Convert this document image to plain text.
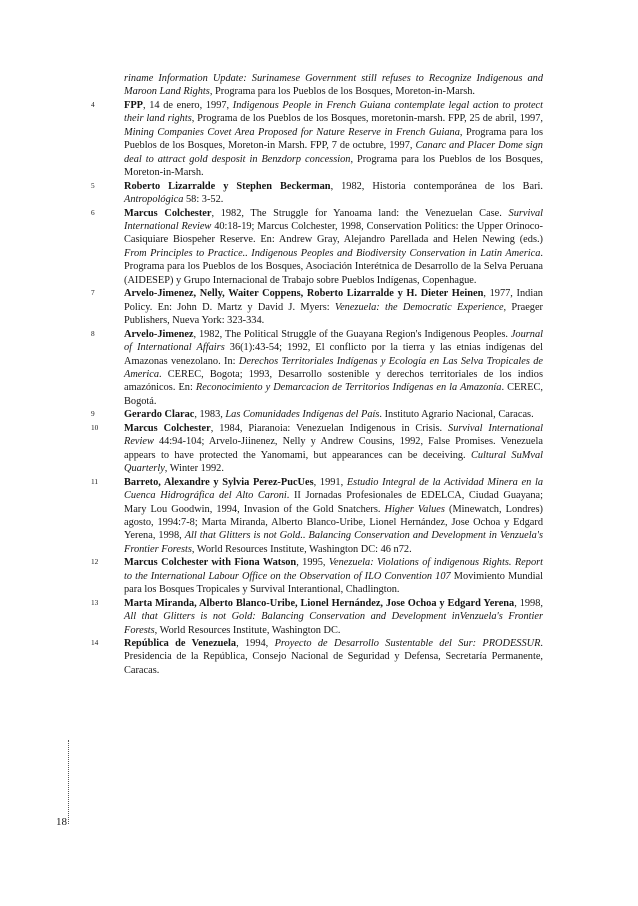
riname Information Update: Surinamese Government still refuses to Recognize Indigenous and Maroon Land Rights, Programa para los Pueblos de los Bosques, Moreton-in-Marsh.
4	FPP, 14 de enero, 1997, Indigenous People in French Guiana contemplate legal action to protect their land rights, Programa de los Pueblos de los Bosques, moretonin-marsh. FPP, 25 de abril, 1997, Mining Companies Covet Area Proposed for Nature Reserve in French Guiana, Programa para los Pueblos de los Bosques, Moreton-in Marsh. FPP, 7 de octubre, 1997, Canarc and Placer Dome sign deal to attract gold desposit in Benzdorp concession, Programa para los Pueblos de los Bosques, Moreton-in-Marsh.
5	Roberto Lizarralde y Stephen Beckerman, 1982, Historia contemporánea de los Bari. Antropológica 58: 3-52.
6	Marcus Colchester, 1982, The Struggle for Yanoama land: the Venezuelan Case. Survival International Review 40:18-19; Marcus Colchester, 1998, Conservation Politics: the Upper Orinoco-Casiquiare Biospeher Reserve. En: Andrew Gray, Alejandro Parellada and Helen Newing (eds.) From Principles to Practice.. Indigenous Peoples and Biodiversity Conservation in Latin America. Programa para los Pueblos de los Bosques, Asociación Interétnica de Desarrollo de la Selva Peruana (AIDESEP) y Grupo Internacional de Trabajo sobre Pueblos Indígenas, Copenhague.
7	Arvelo-Jimenez, Nelly, Waiter Coppens, Roberto Lizarralde y H. Dieter Heinen, 1977, Indian Policy. En: John D. Martz y David J. Myers: Venezuela: the Democratic Experience, Praeger Publishers, Nueva York: 323-334.
8	Arvelo-Jimenez, 1982, The Political Struggle of the Guayana Region's Indigenous Peoples. Journal of International Affairs 36(1):43-54; 1992, El conflicto por la tierra y las etnias indígenas del Amazonas venezolano. In: Derechos Territoriales Indígenas y Ecología en Las Selva Tropicales de America. CEREC, Bogota; 1993, Desarrollo sostenible y derechos territoriales de los indios amazónicos. En: Reconocimiento y Demarcacion de Territorios Indígenas en la Amazonía. CEREC, Bogotá.
9	Gerardo Clarac, 1983, Las Comunidades Indígenas del País. Instituto Agrario Nacional, Caracas.
10	Marcus Colchester, 1984, Piaranoia: Venezuelan Indigenous in Crisis. Survival International Review 44:94-104; Arvelo-Jiinenez, Nelly y Andrew Cousins, 1992, False Promises. Venezuela appears to have protected the Yanomami, but appearances can be deceiving. Cultural SuMval Quarterly, Winter 1992.
11	Barreto, Alexandre y Sylvia Perez-PucUes, 1991, Estudio Integral de la Actividad Minera en la Cuenca Hidrográfica del Alto Caroni. II Jornadas Profesionales de EDELCA, Ciudad Guayana; Mary Lou Goodwin, 1994, Invasion of the Gold Snatchers. Higher Values (Minewatch, Londres) agosto, 1994:7-8; Marta Miranda, Alberto Blanco-Uribe, Lionel Hernández, Jose Ochoa y Edgard Yerena, 1998, All that Glitters is not Gold.. Balancing Conservation and Development in Venzuela's Frontier Forests, World Resources Institute, Washington DC: 46 n72.
12	Marcus Colchester with Fiona Watson, 1995, Venezuela: Violations of indigenous Rights. Report to the International Labour Office on the Observation of ILO Convention 107 Movimiento Mundial para los Bosques Tropicales y Survival Interantional, Chadlington.
13	Marta Miranda, Alberto Blanco-Uribe, Lionel Hernández, Jose Ochoa y Edgard Yerena, 1998, All that Glitters is not Gold: Balancing Conservation and Development inVenzuela's Frontier Forests, World Resources Institute, Washington DC.
14	República de Venezuela, 1994, Proyecto de Desarrollo Sustentable del Sur: PRODESSUR. Presidencia de la República, Consejo Nacional de Seguridad y Defensa, Secretaría Permanente, Caracas.
18
